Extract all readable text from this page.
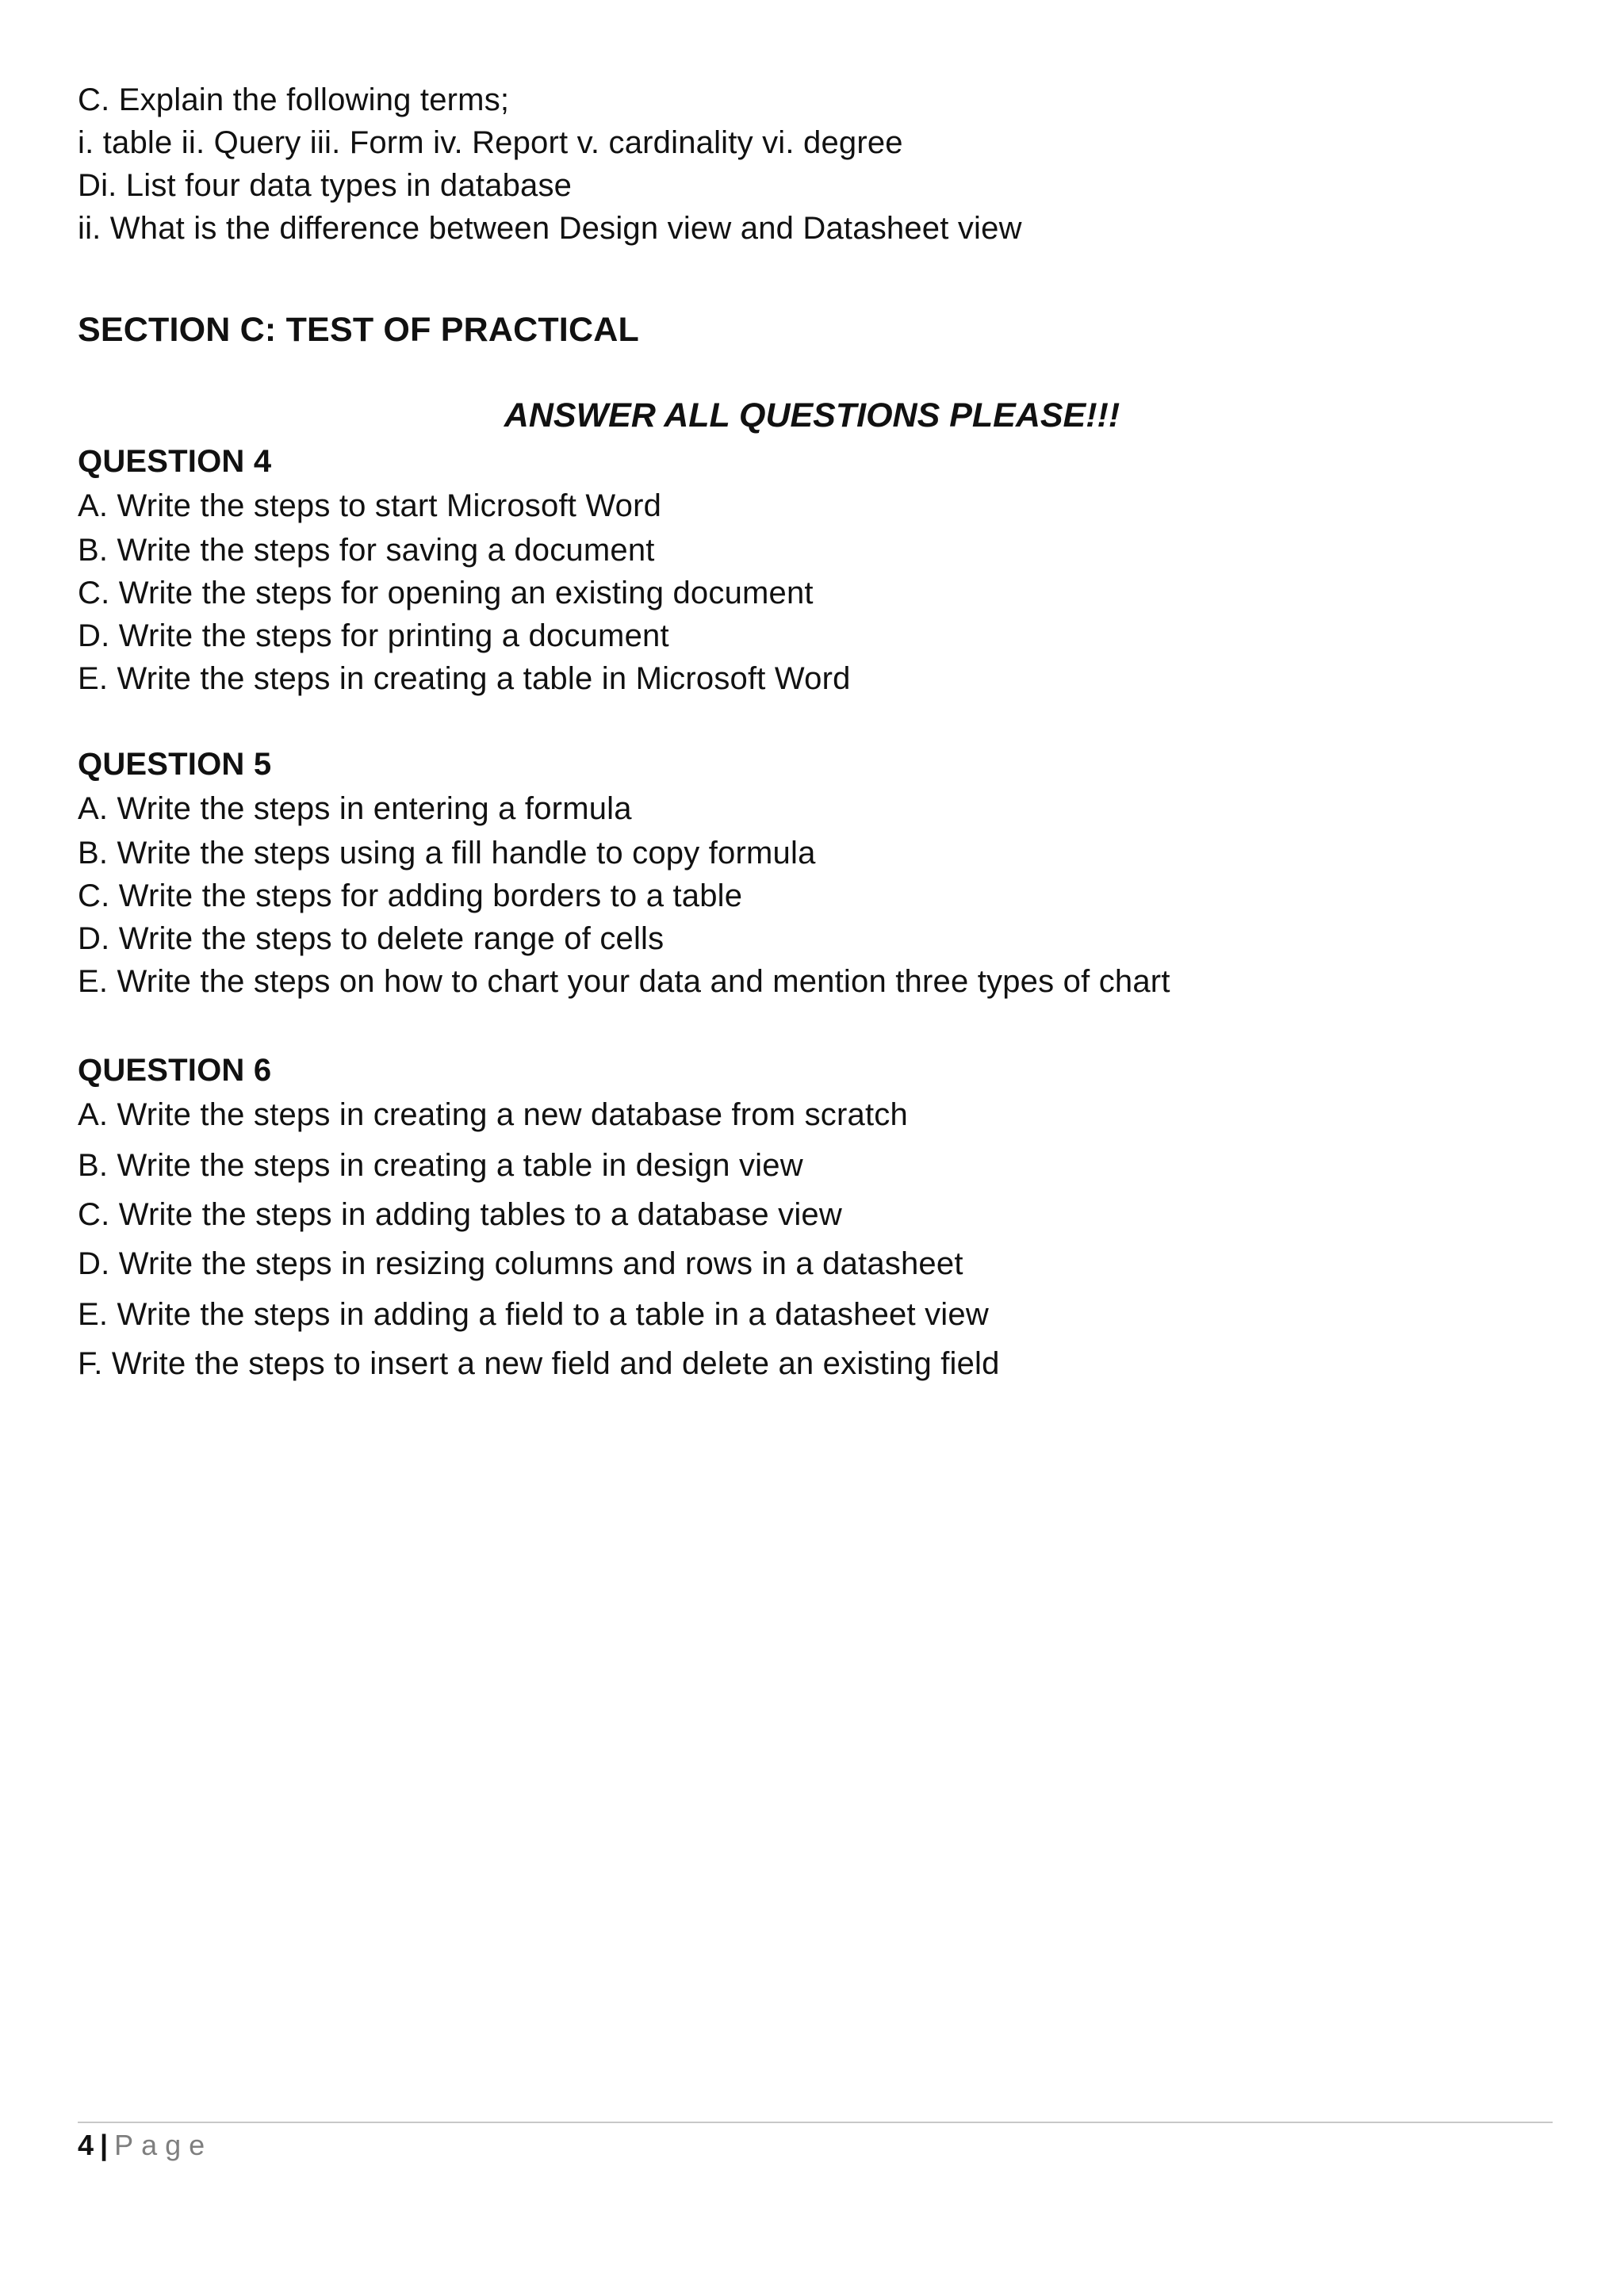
C. Explain the following terms;
i. table ii. Query iii. Form iv. Report v. cardinality vi. degree
Di. List four data types in database
ii. What is the difference between Design view and Datasheet view
SECTION C: TEST OF PRACTICAL
ANSWER ALL QUESTIONS PLEASE!!!
QUESTION 4
A. Write the steps to start Microsoft Word
B. Write the steps for saving a document
C. Write the steps for opening an existing document
D. Write the steps for printing a document
E. Write the steps in creating a table in Microsoft Word
QUESTION 5
A. Write the steps in entering a formula
B. Write the steps using a fill handle to copy formula
C. Write the steps for adding borders to a table
D. Write the steps to delete range of cells
E. Write the steps on how to chart your data and mention three types of chart
QUESTION 6
A. Write the steps in creating a new database from scratch
B. Write the steps in creating a table in design view
C. Write the steps in adding tables to a database view
D. Write the steps in resizing columns and rows in a datasheet
E. Write the steps in adding a field to a table in a datasheet view
F. Write the steps to insert a new field and delete an existing field
4 | Page
